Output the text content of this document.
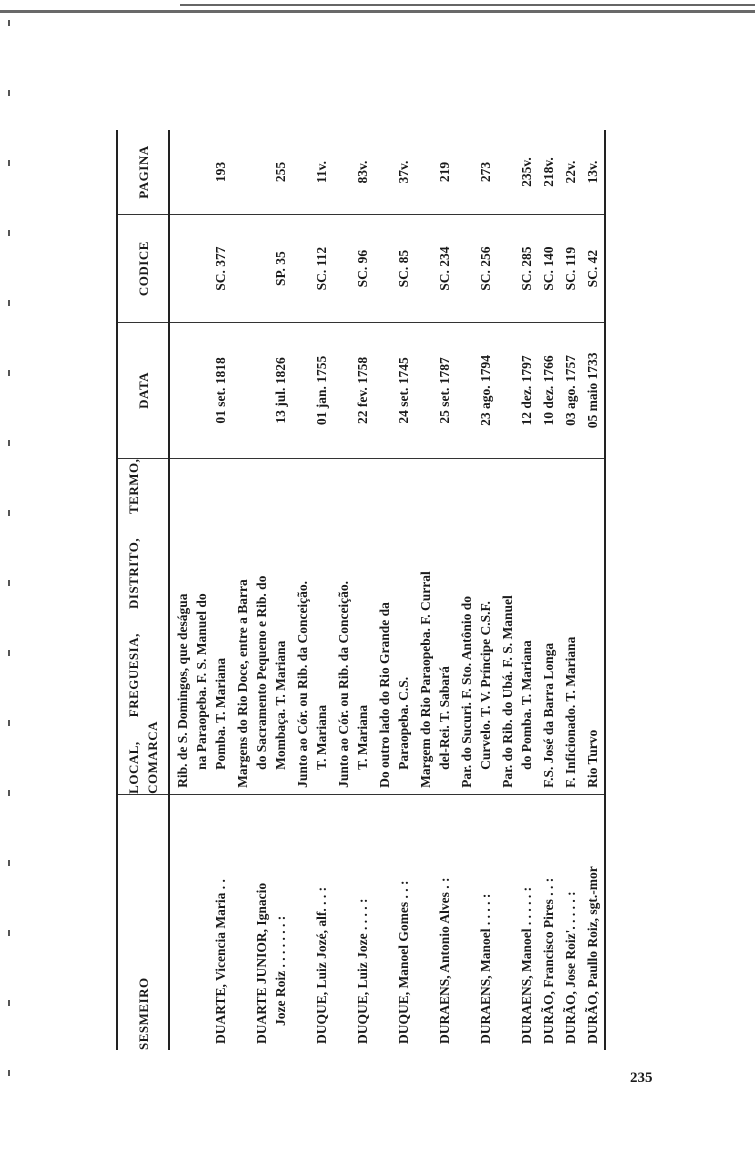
SESMEIRO	LOCAL, FREGUESIA, DISTRITO, TERMO, COMARCA	DATA	CODICE	PAGINA

DUARTE, Vicencia Maria . .	Rib. de S. Domingos, que deságua na Paraopeba. F. S. Manuel do Pomba. T. Mariana	01 set. 1818	SC. 377	193

DUARTE JUNIOR, Ignacio Joze Roiz . . . . . . . :	Margens do Rio Doce, entre a Barra do Sacramento Pequeno e Rib. do Mombaça. T. Mariana	13 jul. 1826	SP. 35	255

DUQUE, Luiz Jozé, alf. . . :	Junto ao Cór. ou Rib. da Conceição. T. Mariana	01 jan. 1755	SC. 112	11v.

DUQUE, Luiz Joze . . . . :	Junto ao Cór. ou Rib. da Conceição. T. Mariana	22 fev. 1758	SC. 96	83v.

DUQUE, Manoel Gomes . . :	Do outro lado do Rio Grande da Paraopeba. C.S.	24 set. 1745	SC. 85	37v.

DURAENS, Antonio Alves . :	Margem do Rio Paraopeba. F. Curral del-Rei. T. Sabará	25 set. 1787	SC. 234	219

DURAENS, Manoel . . . . :	Par. do Sucuri. F. Sto. Antônio do Curvelo. T. V. Príncipe C.S.F.	23 ago. 1794	SC. 256	273

DURAENS, Manoel . . . . . :	Par. do Rib. do Ubá. F. S. Manuel do Pomba. T. Mariana	12 dez. 1797	SC. 285	235v.

DURÃO, Francisco Pires . . :	F.S. José da Barra Longa	10 dez. 1766	SC. 140	218v.

DURÃO, Jose Roiz'. . . . . :	F. Inficionado. T. Mariana	03 ago. 1757	SC. 119	22v.

DURÃO, Paullo Roiz, sgt.-mor	Rio Turvo	05 maio 1733	SC. 42	13v.
235
